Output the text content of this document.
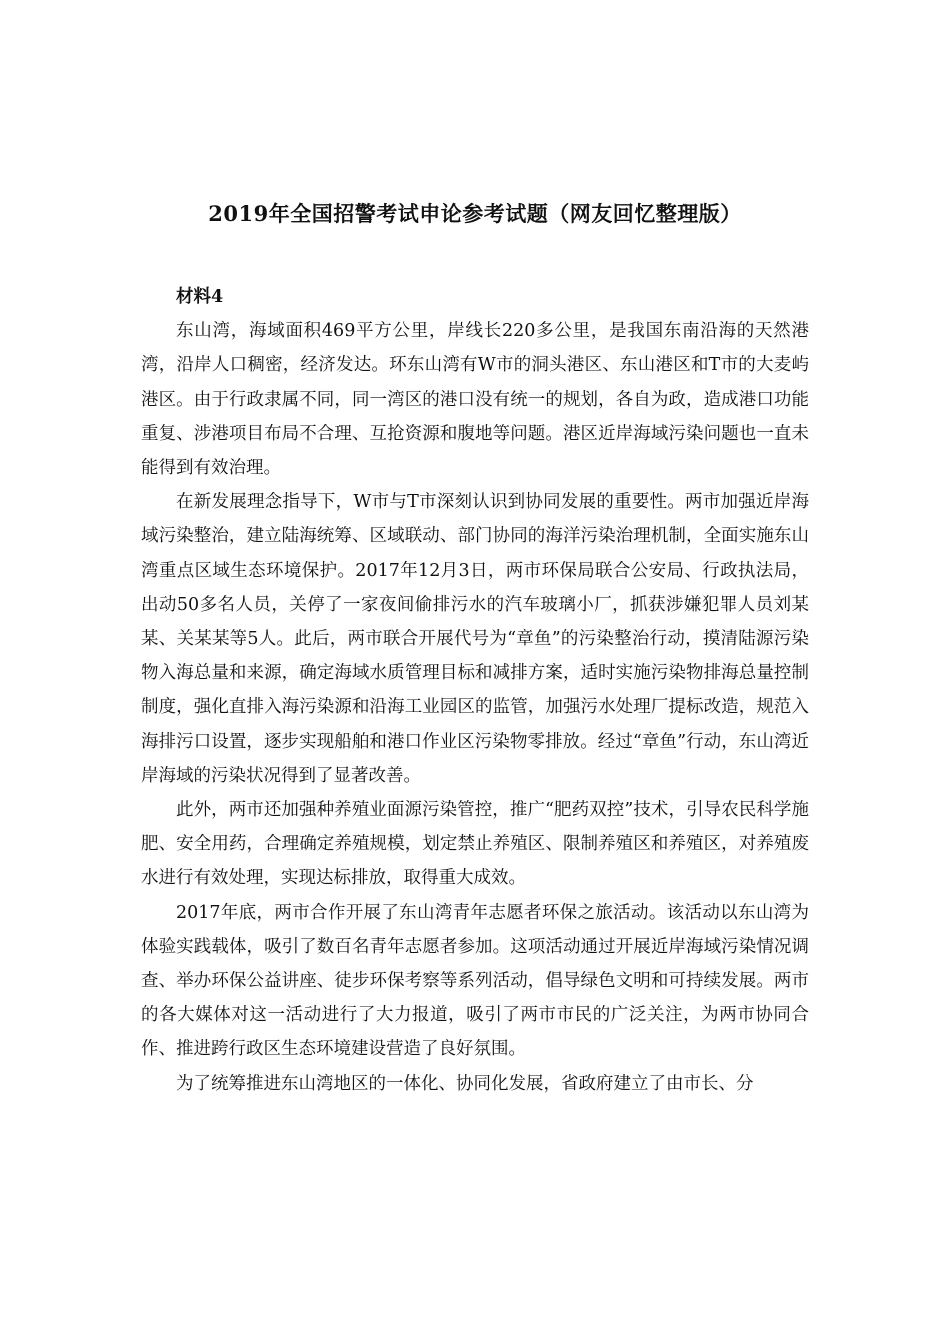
2019年全国招警考试申论参考试题（网友回忆整理版）

材料4

东山湾，海域面积469平方公里，岸线长220多公里，是我国东南沿海的天然港湾，沿岸人口稠密，经济发达。环东山湾有W市的洞头港区、东山港区和T市的大麦屿港区。由于行政隶属不同，同一湾区的港口没有统一的规划，各自为政，造成港口功能重复、涉港项目布局不合理、互抢资源和腹地等问题。港区近岸海域污染问题也一直未能得到有效治理。

在新发展理念指导下，W市与T市深刻认识到协同发展的重要性。两市加强近岸海域污染整治，建立陆海统筹、区域联动、部门协同的海洋污染治理机制，全面实施东山湾重点区域生态环境保护。2017年12月3日，两市环保局联合公安局、行政执法局，出动50多名人员，关停了一家夜间偷排污水的汽车玻璃小厂，抓获涉嫌犯罪人员刘某某、关某某等5人。此后，两市联合开展代号为“章鱼”的污染整治行动，摸清陆源污染物入海总量和来源，确定海域水质管理目标和减排方案，适时实施污染物排海总量控制制度，强化直排入海污染源和沿海工业园区的监管，加强污水处理厂提标改造，规范入海排污口设置，逐步实现船舶和港口作业区污染物零排放。经过“章鱼”行动，东山湾近岸海域的污染状况得到了显著改善。

此外，两市还加强种养殖业面源污染管控，推广“肥药双控”技术，引导农民科学施肥、安全用药，合理确定养殖规模，划定禁止养殖区、限制养殖区和养殖区，对养殖废水进行有效处理，实现达标排放，取得重大成效。

2017年底，两市合作开展了东山湾青年志愿者环保之旅活动。该活动以东山湾为体验实践载体，吸引了数百名青年志愿者参加。这项活动通过开展近岸海域污染情况调查、举办环保公益讲座、徒步环保考察等系列活动，倡导绿色文明和可持续发展。两市的各大媒体对这一活动进行了大力报道，吸引了两市市民的广泛关注，为两市协同合作、推进跨行政区生态环境建设营造了良好氛围。

为了统筹推进东山湾地区的一体化、协同化发展，省政府建立了由市长、分
